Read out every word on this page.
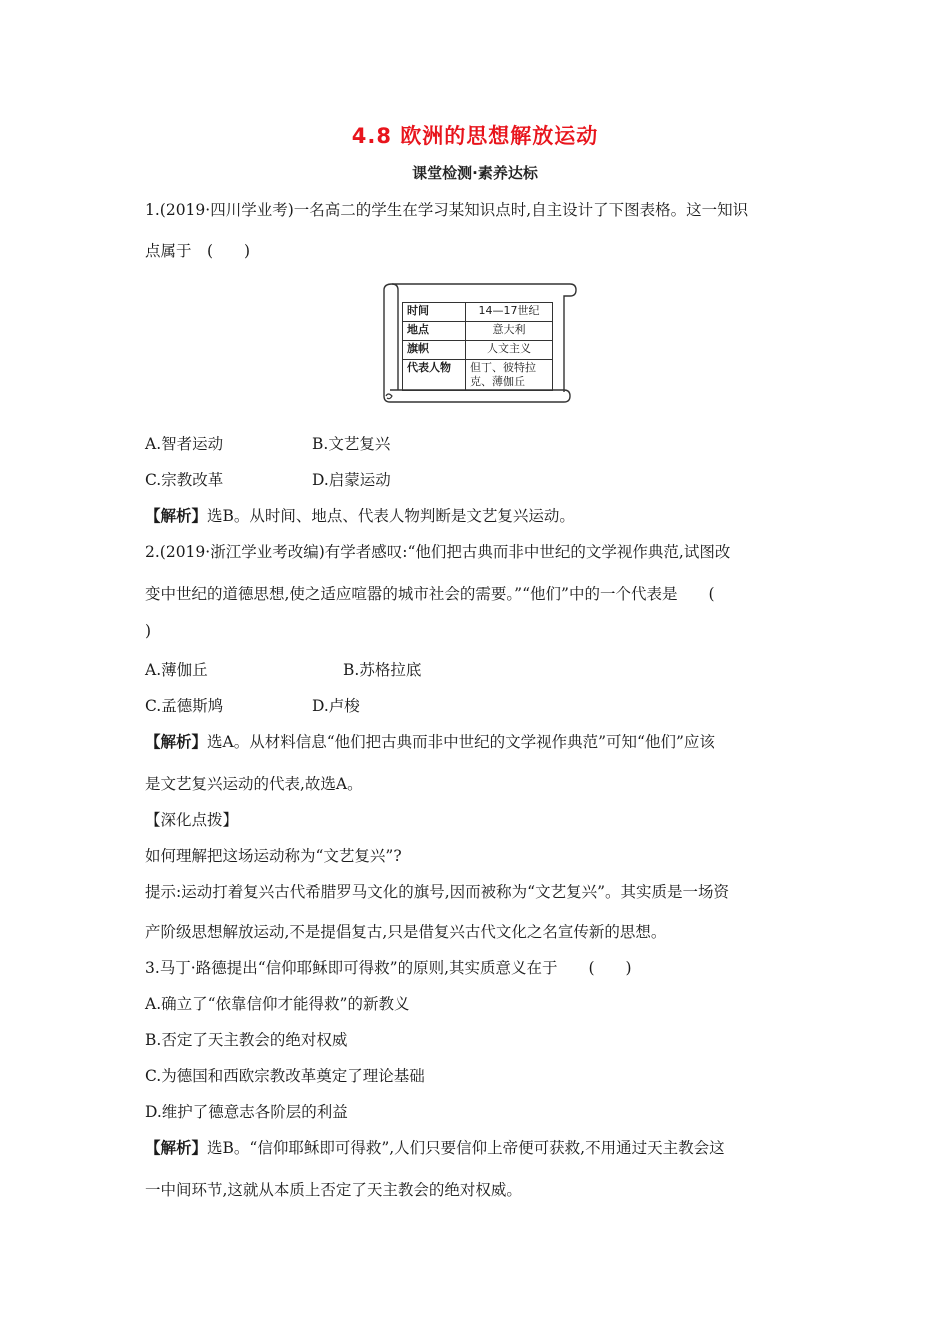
4.8 欧洲的思想解放运动
课堂检测·素养达标
1.(2019·四川学业考)一名高二的学生在学习某知识点时,自主设计了下图表格。这一知识
点属于　(　　)
时间	14—17世纪
地点	意大利
旗帜	人文主义
代表人物	但丁、彼特拉克、薄伽丘
A.智者运动	B.文艺复兴
C.宗教改革	D.启蒙运动
【解析】选B。从时间、地点、代表人物判断是文艺复兴运动。
2.(2019·浙江学业考改编)有学者感叹:“他们把古典而非中世纪的文学视作典范,试图改
变中世纪的道德思想,使之适应喧嚣的城市社会的需要。”“他们”中的一个代表是　　(
)
A.薄伽丘	B.苏格拉底
C.孟德斯鸠	D.卢梭
【解析】选A。从材料信息“他们把古典而非中世纪的文学视作典范”可知“他们”应该
是文艺复兴运动的代表,故选A。
【深化点拨】
如何理解把这场运动称为“文艺复兴”?
提示:运动打着复兴古代希腊罗马文化的旗号,因而被称为“文艺复兴”。其实质是一场资
产阶级思想解放运动,不是提倡复古,只是借复兴古代文化之名宣传新的思想。
3.马丁·路德提出“信仰耶稣即可得救”的原则,其实质意义在于　　(　　)
A.确立了“依靠信仰才能得救”的新教义
B.否定了天主教会的绝对权威
C.为德国和西欧宗教改革奠定了理论基础
D.维护了德意志各阶层的利益
【解析】选B。“信仰耶稣即可得救”,人们只要信仰上帝便可获救,不用通过天主教会这
一中间环节,这就从本质上否定了天主教会的绝对权威。
